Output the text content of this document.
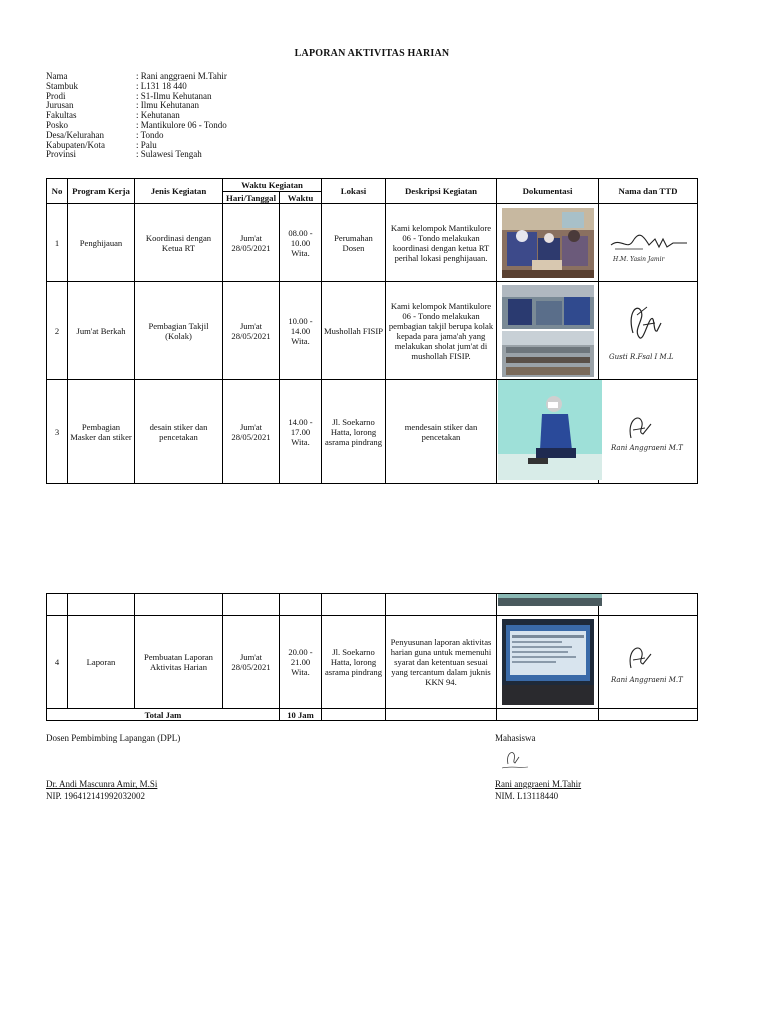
LAPORAN AKTIVITAS HARIAN
Nama	: Rani anggraeni M.Tahir
Stambuk	: L131 18 440
Prodi	: S1-Ilmu Kehutanan
Jurusan	: Ilmu Kehutanan
Fakultas	: Kehutanan
Posko	: Mantikulore 06 - Tondo
Desa/Kelurahan	: Tondo
Kabupaten/Kota	: Palu
Provinsi	: Sulawesi Tengah
No	Program Kerja	Jenis Kegiatan	Waktu Kegiatan		Lokasi	Deskripsi Kegiatan	Dokumentasi	Nama dan TTD
			Hari/Tanggal	Waktu				
1	Penghijauan	Koordinasi dengan Ketua RT	Jum'at 28/05/2021	08.00 - 10.00 Wita.	Perumahan Dosen	Kami kelompok Mantikulore 06 - Tondo melakukan koordinasi dengan ketua RT perihal lokasi penghijauan.		H.M. Yasin Jamir

2	Jum'at Berkah	Pembagian Takjil (Kolak)	Jum'at 28/05/2021	10.00 - 14.00 Wita.	Mushollah FISIP	Kami kelompok Mantikulore 06 - Tondo melakukan pembagian takjil berupa kolak kepada para jama'ah yang melakukan sholat jum'at di mushollah FISIP.		Gusti R.Fsal I M.L

3	Pembagian Masker dan stiker	desain stiker dan pencetakan	Jum'at 28/05/2021	14.00 - 17.00 Wita.	Jl. Soekarno Hatta, lorong asrama pindrang	mendesain stiker dan pencetakan		Rani Anggraeni M.T

4	Laporan	Pembuatan Laporan Aktivitas Harian	Jum'at 28/05/2021	20.00 - 21.00 Wita.	Jl. Soekarno Hatta, lorong asrama pindrang	Penyusunan laporan aktivitas harian guna untuk memenuhi syarat dan ketentuan sesuai yang tercantum dalam juknis KKN 94.		Rani Anggraeni M.T

Total Jam				10 Jam				
Dosen Pembimbing Lapangan (DPL)
Dr. Andi Mascunra Amir, M.Si
NIP. 196412141992032002
Mahasiswa
Rani anggraeni M.Tahir
NIM. L13118440
